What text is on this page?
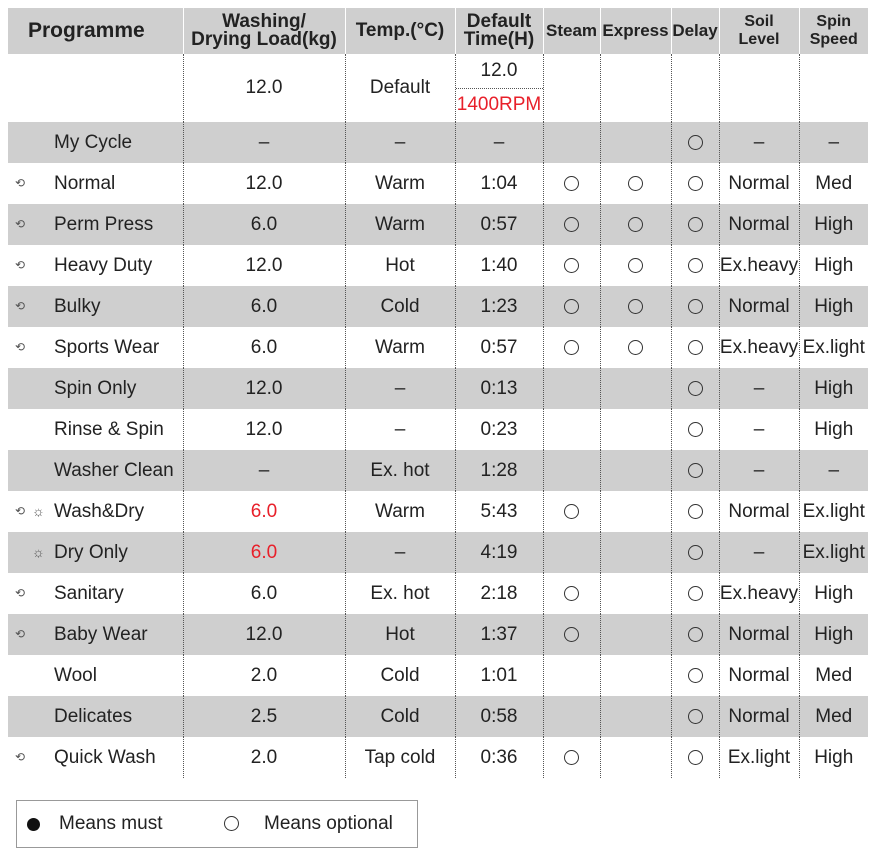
Programme	Washing/
Drying Load(kg)	Temp.(°C)	Default
Time(H)	Steam	Express	Delay	Soil
Level	Spin
Speed
	12.0	Default	12.0
1400RPM					

My Cycle	–	–	–				–	–

⟲ Normal	12.0	Warm	1:04				Normal	Med

⟲ Perm Press	6.0	Warm	0:57				Normal	High

⟲ Heavy Duty	12.0	Hot	1:40				Ex.heavy	High

⟲ Bulky	6.0	Cold	1:23				Normal	High

⟲ Sports Wear	6.0	Warm	0:57				Ex.heavy	Ex.light

Spin Only	12.0	–	0:13				–	High

Rinse & Spin	12.0	–	0:23				–	High

Washer Clean	–	Ex. hot	1:28				–	–

⟲ ☼ Wash&Dry	6.0	Warm	5:43				Normal	Ex.light

☼ Dry Only	6.0	–	4:19				–	Ex.light

⟲ Sanitary	6.0	Ex. hot	2:18				Ex.heavy	High

⟲ Baby Wear	12.0	Hot	1:37				Normal	High

Wool	2.0	Cold	1:01				Normal	Med

Delicates	2.5	Cold	0:58				Normal	Med

⟲ Quick Wash	2.0	Tap cold	0:36				Ex.light	High
Means must	Means optional
